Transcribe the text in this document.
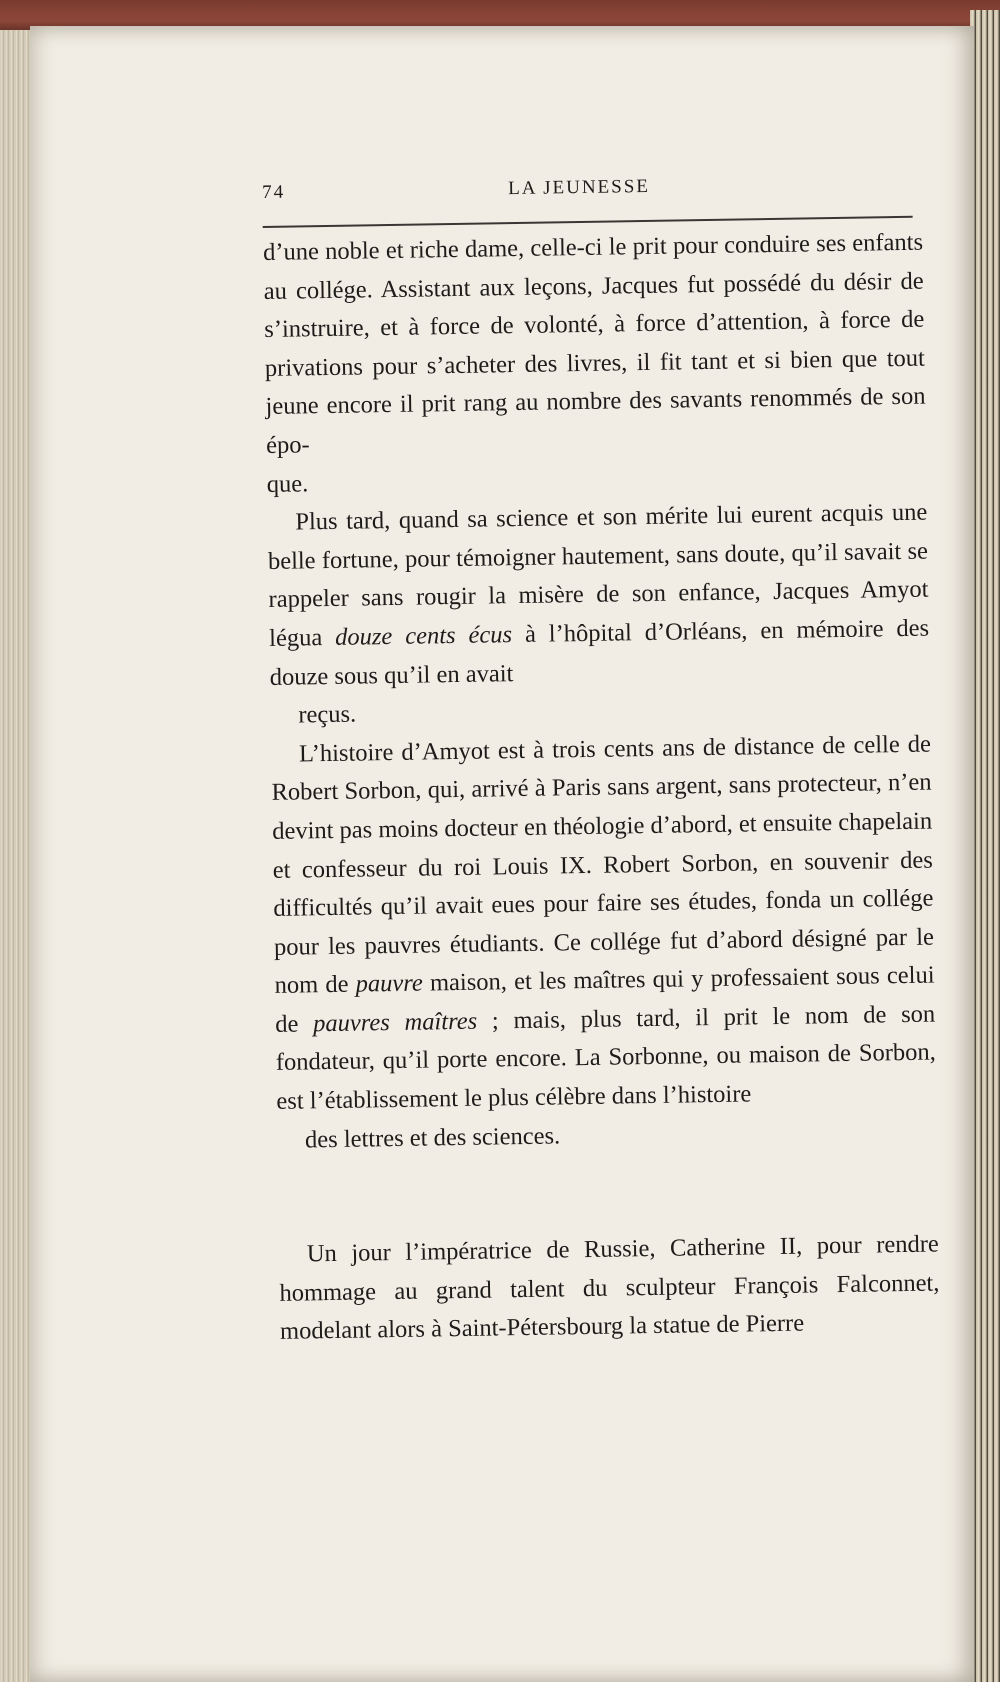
74	LA JEUNESSE

d’une noble et riche dame, celle-ci le prit pour conduire ses enfants au collége. Assistant aux leçons, Jacques fut possédé du désir de s’instruire, et à force de volonté, à force d’attention, à force de privations pour s’acheter des livres, il fit tant et si bien que tout jeune encore il prit rang au nombre des savants renommés de son épo-
que.

Plus tard, quand sa science et son mérite lui eurent acquis une belle fortune, pour témoigner hautement, sans doute, qu’il savait se rappeler sans rougir la misère de son enfance, Jacques Amyot légua douze cents écus à l’hôpital d’Orléans, en mémoire des douze sous qu’il en avait
reçus.

L’histoire d’Amyot est à trois cents ans de distance de celle de Robert Sorbon, qui, arrivé à Paris sans argent, sans protecteur, n’en devint pas moins docteur en théologie d’abord, et ensuite chapelain et confesseur du roi Louis IX. Robert Sorbon, en souvenir des difficultés qu’il avait eues pour faire ses études, fonda un collége pour les pauvres étudiants. Ce collége fut d’abord désigné par le nom de pauvre maison, et les maîtres qui y professaient sous celui de pauvres maîtres ; mais, plus tard, il prit le nom de son fondateur, qu’il porte encore. La Sorbonne, ou maison de Sorbon, est l’établissement le plus célèbre dans l’histoire
des lettres et des sciences.

Un jour l’impératrice de Russie, Catherine II, pour rendre hommage au grand talent du sculpteur François Falconnet, modelant alors à Saint-Pétersbourg la statue de Pierre
